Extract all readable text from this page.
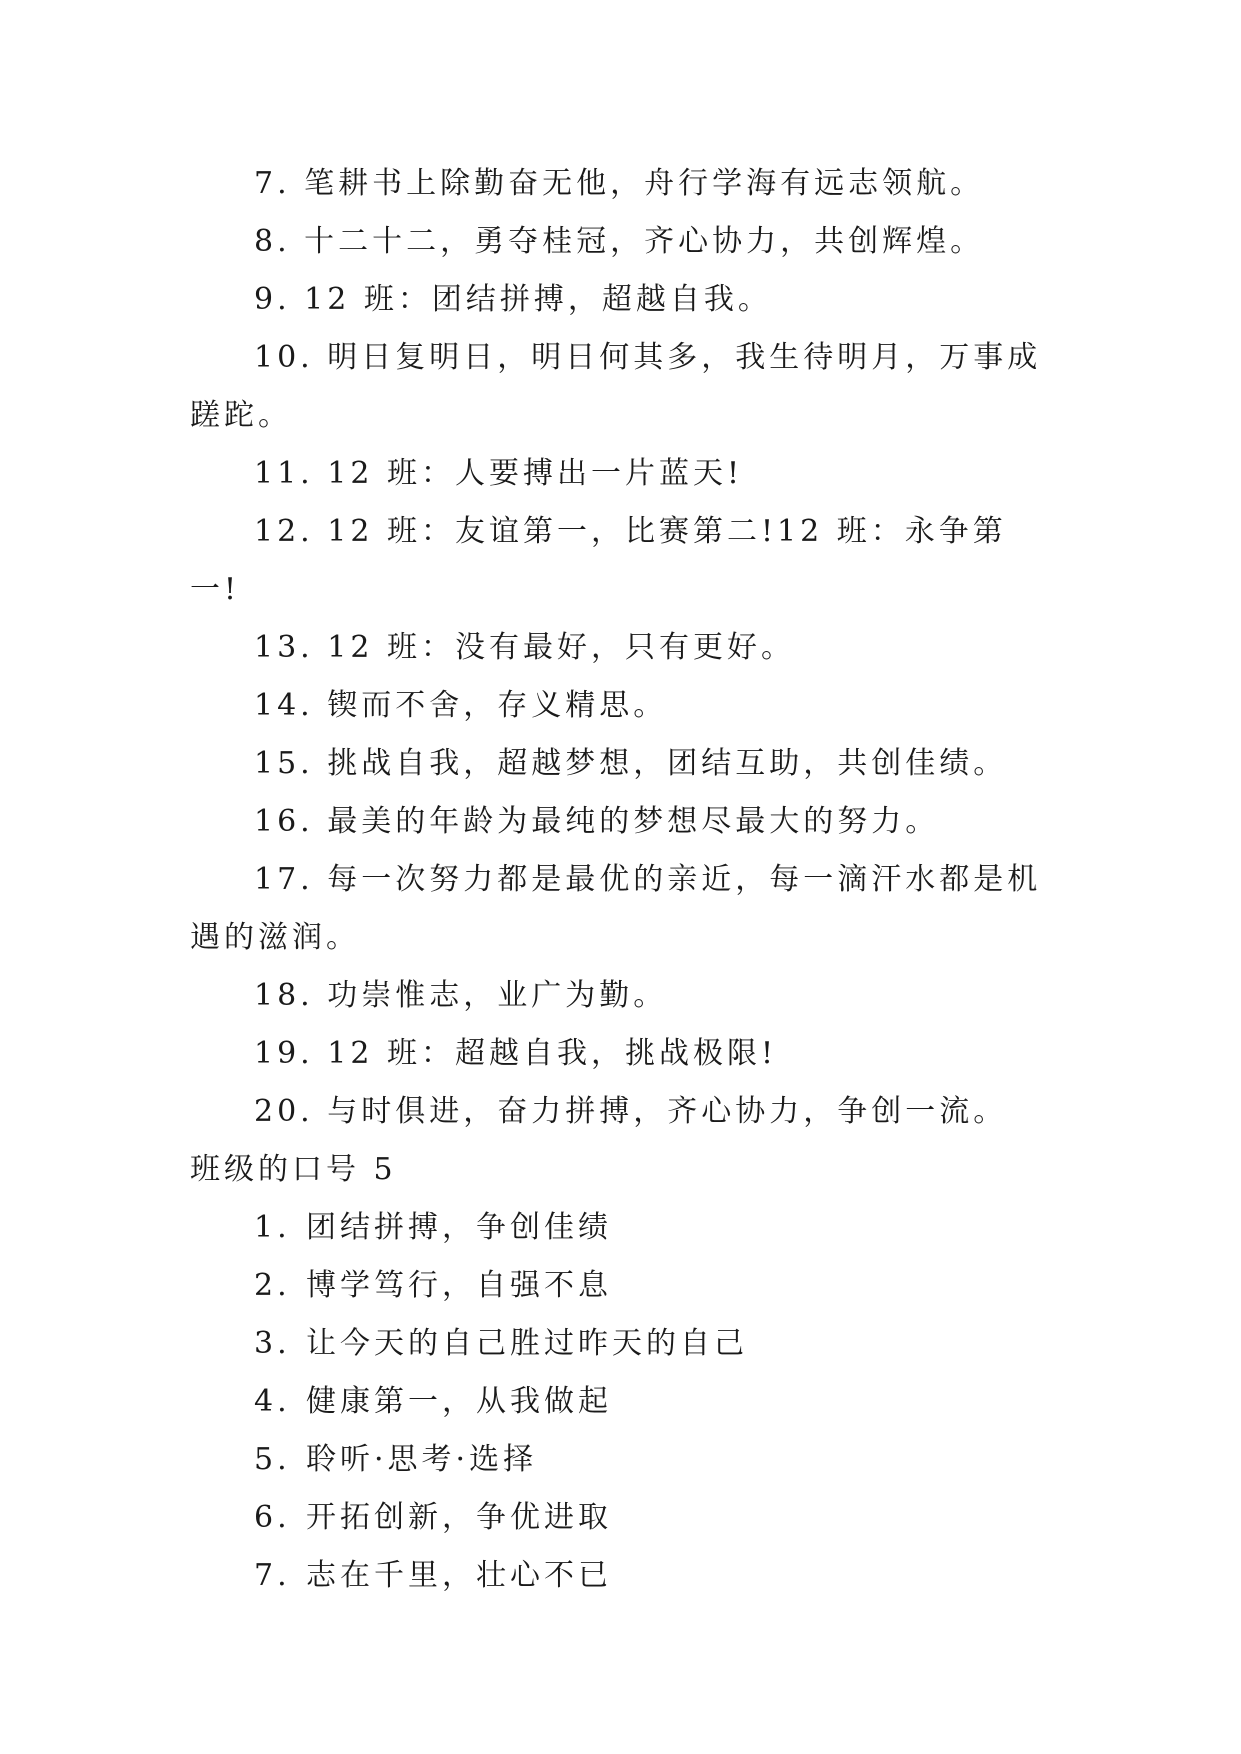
7. 笔耕书上除勤奋无他，舟行学海有远志领航。

8. 十二十二，勇夺桂冠，齐心协力，共创辉煌。

9. 12 班：团结拼搏，超越自我。

10. 明日复明日，明日何其多，我生待明月，万事成蹉跎。

11. 12 班：人要搏出一片蓝天!

12. 12 班：友谊第一，比赛第二!12 班：永争第一!

13. 12 班：没有最好，只有更好。

14. 锲而不舍，存义精思。

15. 挑战自我，超越梦想，团结互助，共创佳绩。

16. 最美的年龄为最纯的梦想尽最大的努力。

17. 每一次努力都是最优的亲近，每一滴汗水都是机遇的滋润。

18. 功崇惟志，业广为勤。

19. 12 班：超越自我，挑战极限!

20. 与时俱进，奋力拼搏，齐心协力，争创一流。

班级的口号 5

1. 团结拼搏，争创佳绩
2. 博学笃行，自强不息
3. 让今天的自己胜过昨天的自己
4. 健康第一，从我做起
5. 聆听·思考·选择
6. 开拓创新，争优进取
7. 志在千里，壮心不已
